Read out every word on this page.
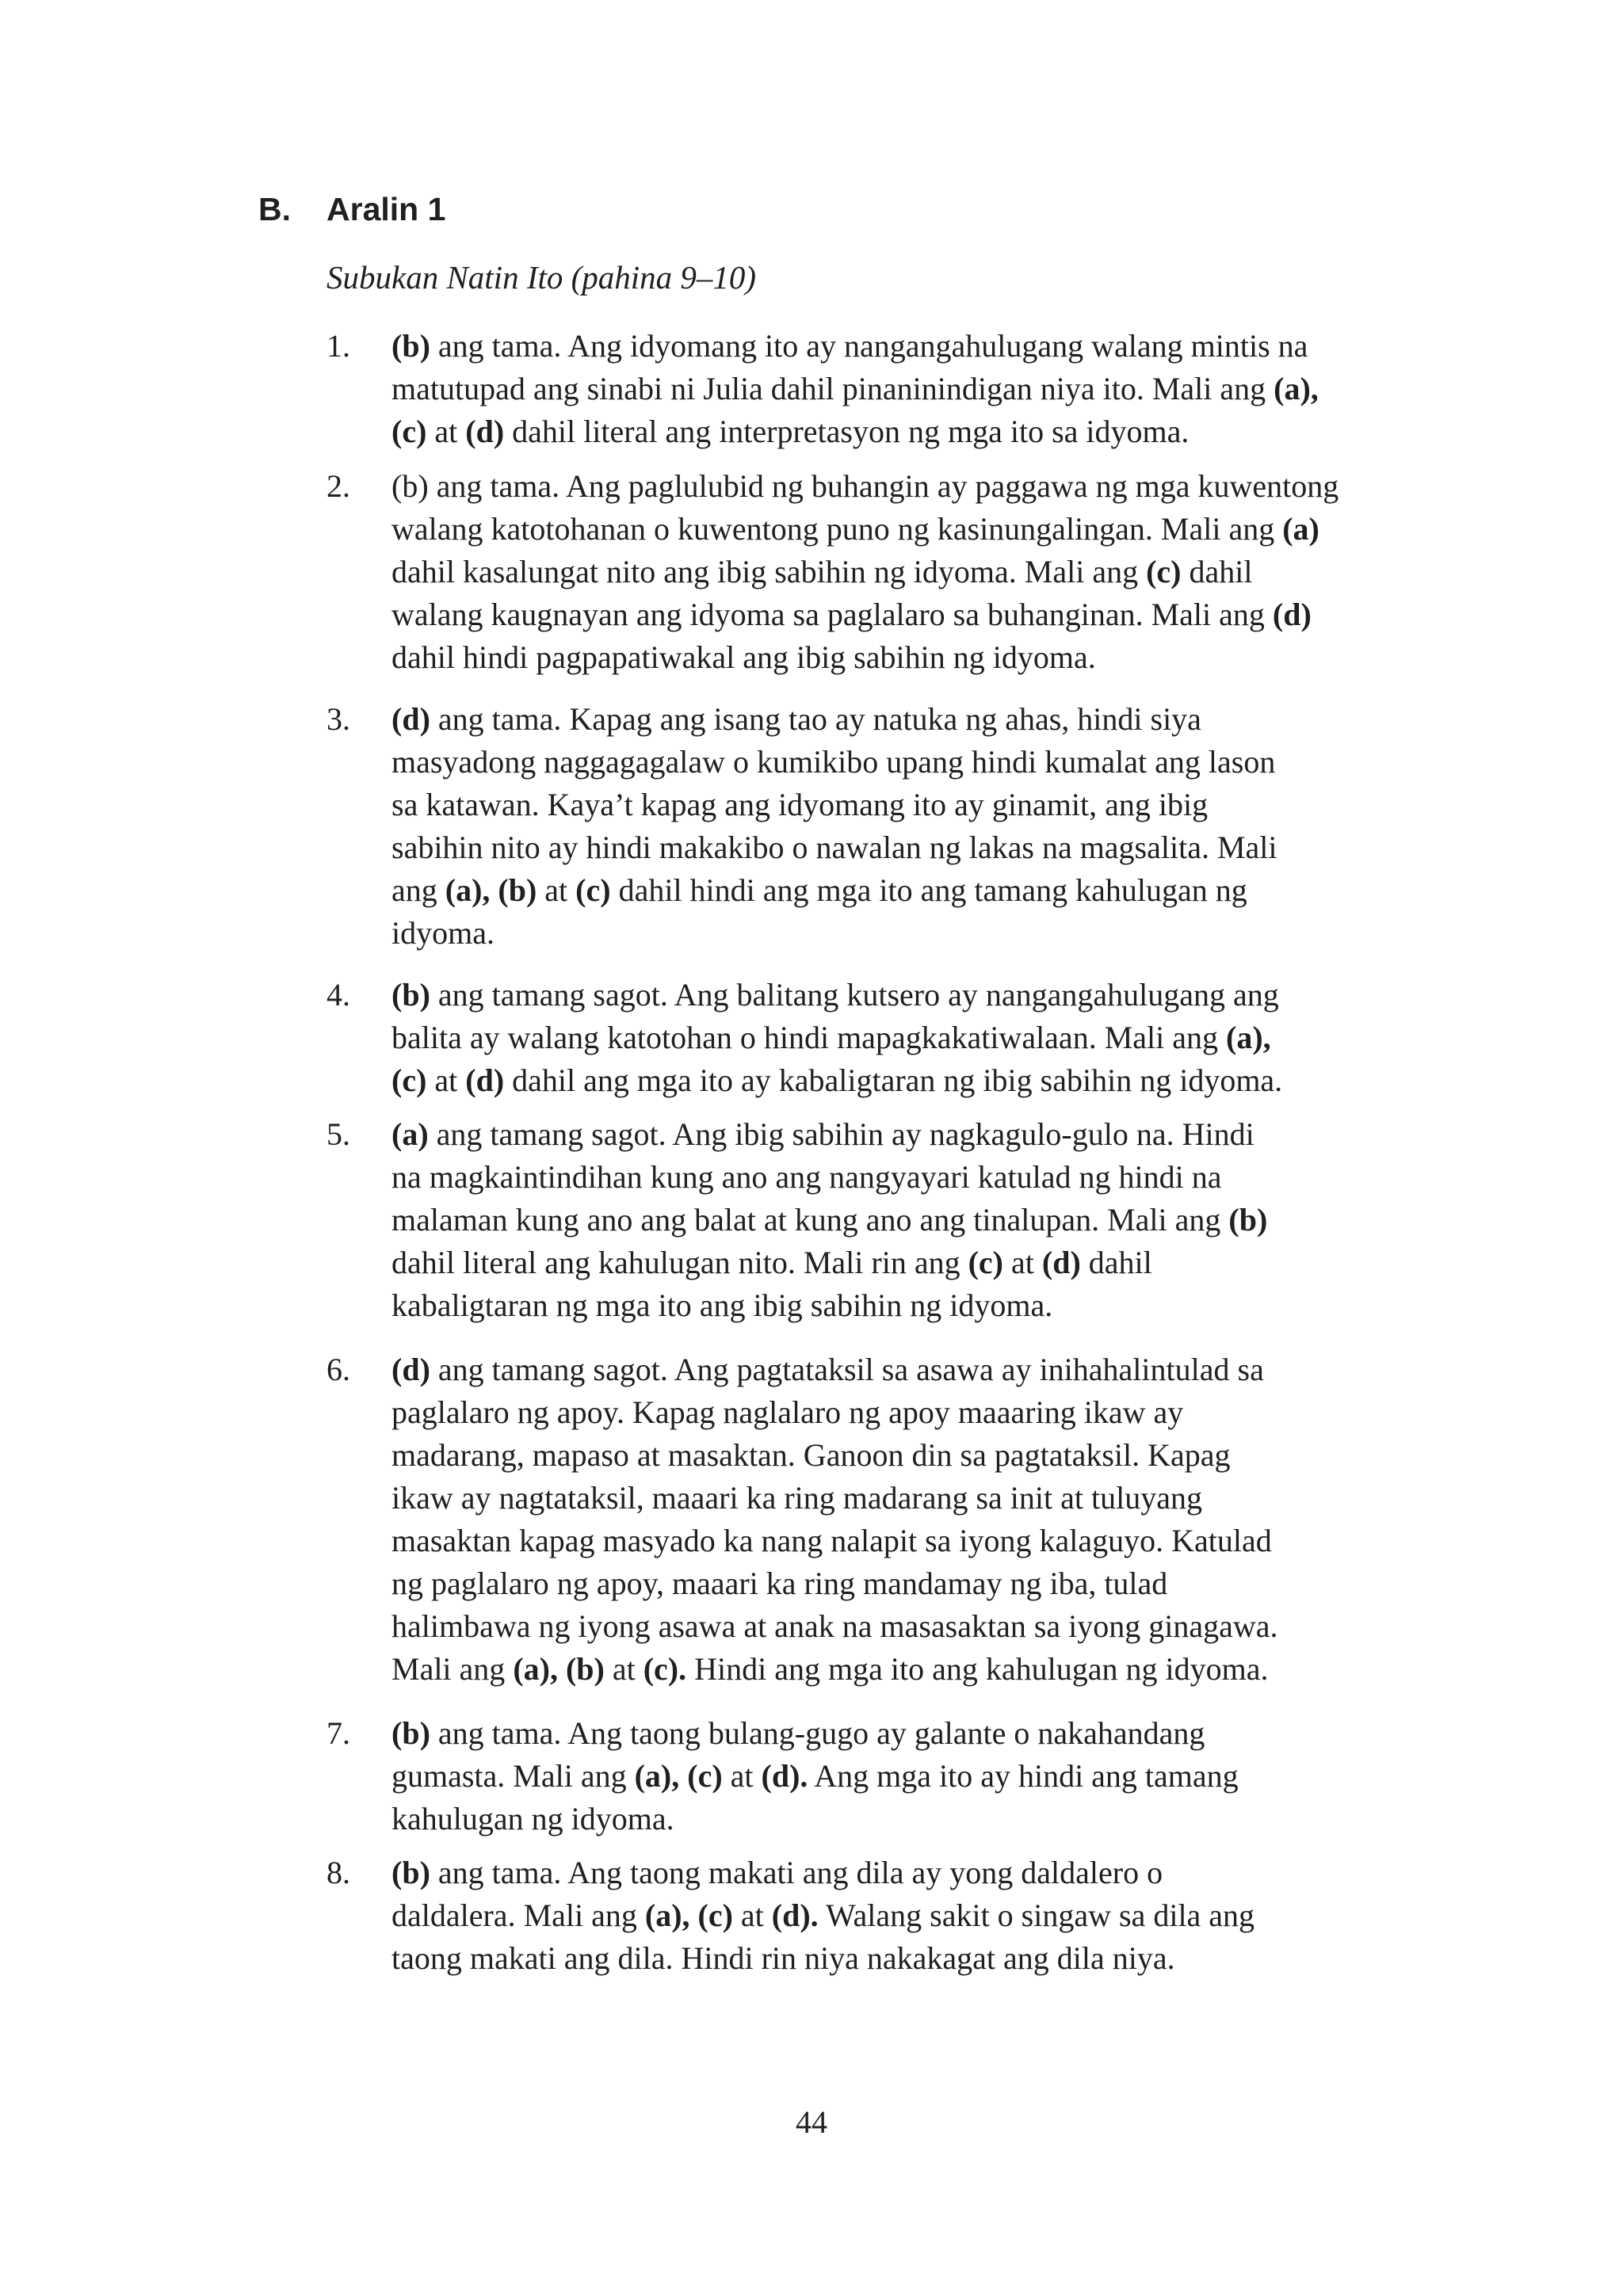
B. Aralin 1
Subukan Natin Ito (pahina 9–10)
1. (b) ang tama. Ang idyomang ito ay nangangahulugang walang mintis na
matutupad ang sinabi ni Julia dahil pinaninindigan niya ito. Mali ang (a),
(c) at (d) dahil literal ang interpretasyon ng mga ito sa idyoma.
2. (b) ang tama. Ang paglulubid ng buhangin ay paggawa ng mga kuwentong
walang katotohanan o kuwentong puno ng kasinungalingan. Mali ang (a)
dahil kasalungat nito ang ibig sabihin ng idyoma. Mali ang (c) dahil
walang kaugnayan ang idyoma sa paglalaro sa buhanginan. Mali ang (d)
dahil hindi pagpapatiwakal ang ibig sabihin ng idyoma.
3. (d) ang tama. Kapag ang isang tao ay natuka ng ahas, hindi siya
masyadong naggagagalaw o kumikibo upang hindi kumalat ang lason
sa katawan. Kaya’t kapag ang idyomang ito ay ginamit, ang ibig
sabihin nito ay hindi makakibo o nawalan ng lakas na magsalita. Mali
ang (a), (b) at (c) dahil hindi ang mga ito ang tamang kahulugan ng
idyoma.
4. (b) ang tamang sagot. Ang balitang kutsero ay nangangahulugang ang
balita ay walang katotohan o hindi mapagkakatiwalaan. Mali ang (a),
(c) at (d) dahil ang mga ito ay kabaligtaran ng ibig sabihin ng idyoma.
5. (a) ang tamang sagot. Ang ibig sabihin ay nagkagulo-gulo na. Hindi
na magkaintindihan kung ano ang nangyayari katulad ng hindi na
malaman kung ano ang balat at kung ano ang tinalupan. Mali ang (b)
dahil literal ang kahulugan nito. Mali rin ang (c) at (d) dahil
kabaligtaran ng mga ito ang ibig sabihin ng idyoma.
6. (d) ang tamang sagot. Ang pagtataksil sa asawa ay inihahalintulad sa
paglalaro ng apoy. Kapag naglalaro ng apoy maaaring ikaw ay
madarang, mapaso at masaktan. Ganoon din sa pagtataksil. Kapag
ikaw ay nagtataksil, maaari ka ring madarang sa init at tuluyang
masaktan kapag masyado ka nang nalapit sa iyong kalaguyo. Katulad
ng paglalaro ng apoy, maaari ka ring mandamay ng iba, tulad
halimbawa ng iyong asawa at anak na masasaktan sa iyong ginagawa.
Mali ang (a), (b) at (c). Hindi ang mga ito ang kahulugan ng idyoma.
7. (b) ang tama. Ang taong bulang-gugo ay galante o nakahandang
gumasta. Mali ang (a), (c) at (d). Ang mga ito ay hindi ang tamang
kahulugan ng idyoma.
8. (b) ang tama. Ang taong makati ang dila ay yong daldalero o
daldalera. Mali ang (a), (c) at (d). Walang sakit o singaw sa dila ang
taong makati ang dila. Hindi rin niya nakakagat ang dila niya.
44
